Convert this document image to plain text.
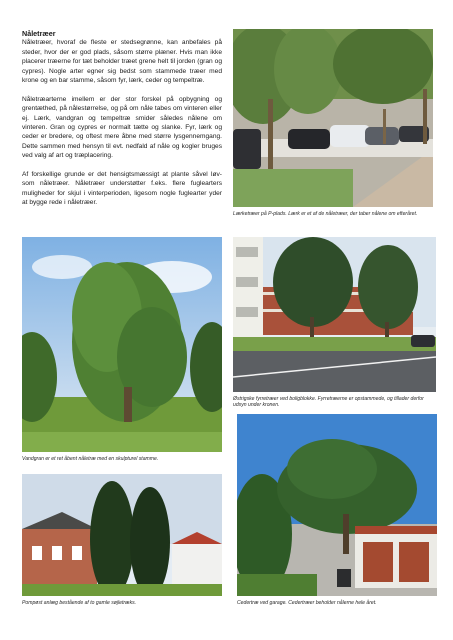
Nåletræer

Nåletræer, hvoraf de fleste er stedsegrønne, kan anbefales på steder, hvor der er god plads, såsom større plæner. Hvis man ikke placerer træerne for tæt beholder træet grene helt til jorden (gran og cypres). Nogle arter egner sig bedst som stammede træer med krone og en bar stamme, såsom fyr, lærk, ceder og tempeltræ.

Nåletræarterne imellem er der stor forskel på opbygning og grentæthed, på nålestørrelse, og på om nåle tabes om vinteren eller ej. Lærk, vandgran og tempeltræ smider således nålene om vinteren. Gran og cypres er normalt tætte og slanke. Fyr, lærk og ceder er bredere, og oftest mere åbne med større lysgennemgang. Dette sammen med hensyn til evt. nedfald af nåle og kogler bruges ved valg af art og træplacering.

Af forskellige grunde er det hensigtsmæssigt at plante såvel løv- som nåletræer. Nåletræer understøtter f.eks. flere fuglearters muligheder for skjul i vinterperioden, ligesom nogle fuglearter yder at bygge rede i nåletræer.

Lærketræer på P-plads. Lærk er et af de nåletræer, der taber nålene om efteråret.
Vandgran er et ret åbent nåletræ med en skulpturel stamme.
Østrigske fyrretræer ved boligblokke. Fyrretræerne er opstammede, og tillader derfor udsyn under kronen.
Pompøst anlæg bestående af to gamle søjletræks.	Cedertræ ved garage. Cedertræer beholder nålerne hele året.
